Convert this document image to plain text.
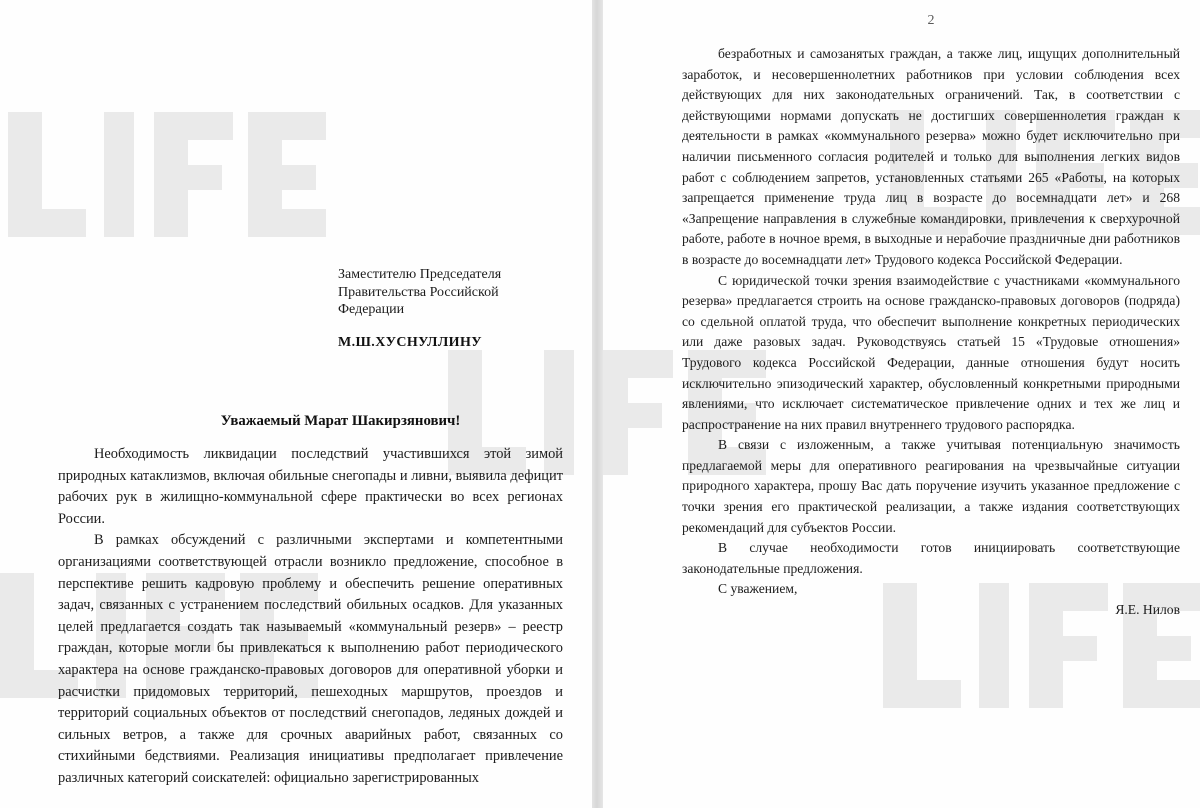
Заместителю Председателя
Правительства Российской
Федерации
М.Ш.ХУСНУЛЛИНУ
Уважаемый Марат Шакирзянович!

Необходимость ликвидации последствий участившихся этой зимой природных катаклизмов, включая обильные снегопады и ливни, выявила дефицит рабочих рук в жилищно-коммунальной сфере практически во всех регионах России.

В рамках обсуждений с различными экспертами и компетентными организациями соответствующей отрасли возникло предложение, способное в перспективе решить кадровую проблему и обеспечить решение оперативных задач, связанных с устранением последствий обильных осадков. Для указанных целей предлагается создать так называемый «коммунальный резерв» – реестр граждан, которые могли бы привлекаться к выполнению работ периодического характера на основе гражданско-правовых договоров для оперативной уборки и расчистки придомовых территорий, пешеходных маршрутов, проездов и территорий социальных объектов от последствий снегопадов, ледяных дождей и сильных ветров, а также для срочных аварийных работ, связанных со стихийными бедствиями. Реализация инициативы предполагает привлечение различных категорий соискателей: официально зарегистрированных

2

безработных и самозанятых граждан, а также лиц, ищущих дополнительный заработок, и несовершеннолетних работников при условии соблюдения всех действующих для них законодательных ограничений. Так, в соответствии с действующими нормами допускать не достигших совершеннолетия граждан к деятельности в рамках «коммунального резерва» можно будет исключительно при наличии письменного согласия родителей и только для выполнения легких видов работ с соблюдением запретов, установленных статьями 265 «Работы, на которых запрещается применение труда лиц в возрасте до восемнадцати лет» и 268 «Запрещение направления в служебные командировки, привлечения к сверхурочной работе, работе в ночное время, в выходные и нерабочие праздничные дни работников в возрасте до восемнадцати лет» Трудового кодекса Российской Федерации.

С юридической точки зрения взаимодействие с участниками «коммунального резерва» предлагается строить на основе гражданско-правовых договоров (подряда) со сдельной оплатой труда, что обеспечит выполнение конкретных периодических или даже разовых задач. Руководствуясь статьей 15 «Трудовые отношения» Трудового кодекса Российской Федерации, данные отношения будут носить исключительно эпизодический характер, обусловленный конкретными природными явлениями, что исключает систематическое привлечение одних и тех же лиц и распространение на них правил внутреннего трудового распорядка.

В связи с изложенным, а также учитывая потенциальную значимость предлагаемой меры для оперативного реагирования на чрезвычайные ситуации природного характера, прошу Вас дать поручение изучить указанное предложение с точки зрения его практической реализации, а также издания соответствующих рекомендаций для субъектов России.

В случае необходимости готов инициировать соответствующие законодательные предложения.

С уважением,

Я.Е. Нилов
